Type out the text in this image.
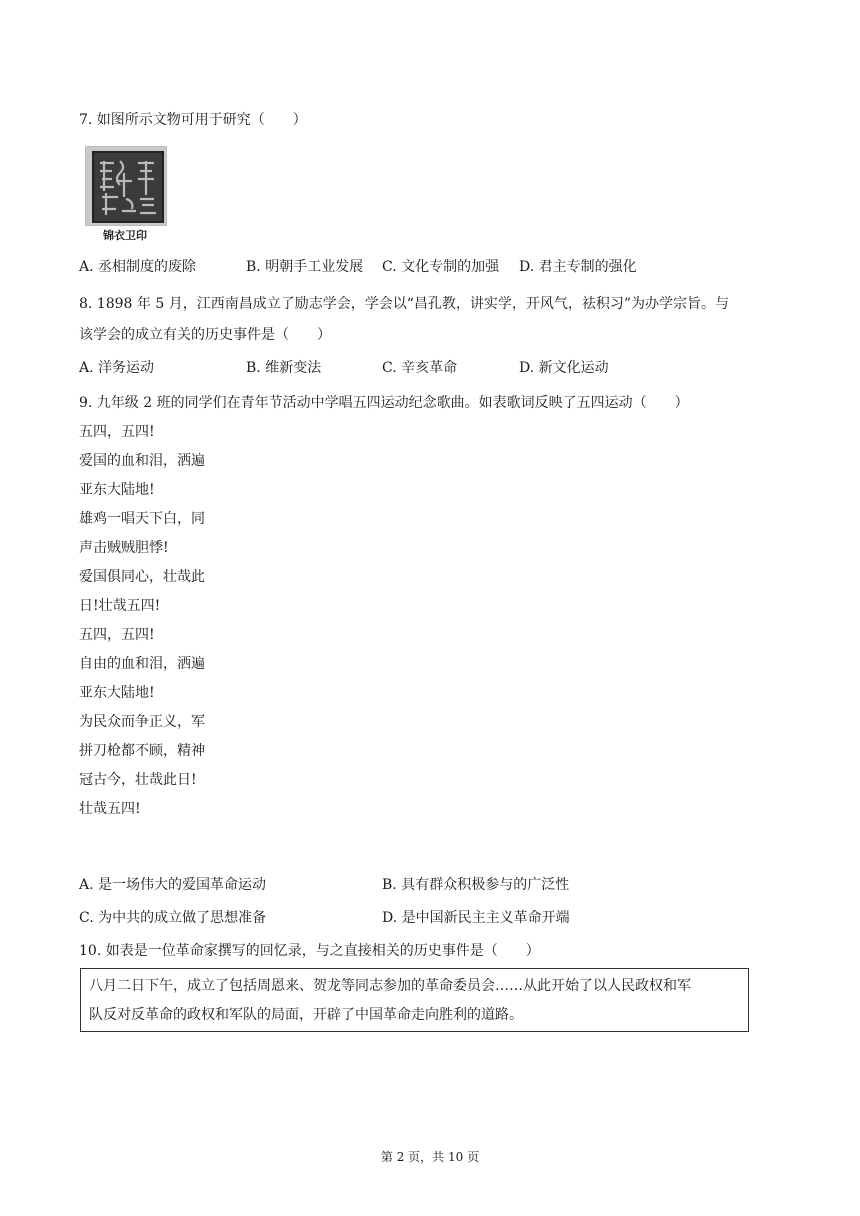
7. 如图所示文物可用于研究（　　）
锦衣卫印
A. 丞相制度的废除	B. 明朝手工业发展 C. 文化专制的加强 D. 君主专制的强化
8. 1898 年 5 月，江西南昌成立了励志学会，学会以“昌孔教，讲实学，开风气，祛积习”为办学宗旨。与
该学会的成立有关的历史事件是（　　）
A. 洋务运动	B. 维新变法	C. 辛亥革命	D. 新文化运动
9. 九年级 2 班的同学们在青年节活动中学唱五四运动纪念歌曲。如表歌词反映了五四运动（　　）
五四，五四!
爱国的血和泪，洒遍
亚东大陆地!
雄鸡一唱天下白，同
声击贼贼胆悸!
爱国俱同心，壮哉此
日!壮哉五四!
五四，五四!
自由的血和泪，洒遍
亚东大陆地!
为民众而争正义，军
拼刀枪都不顾，精神
冠古今，壮哉此日!
壮哉五四!
A. 是一场伟大的爱国革命运动	B. 具有群众积极参与的广泛性
C. 为中共的成立做了思想准备	D. 是中国新民主主义革命开端
10. 如表是一位革命家撰写的回忆录，与之直接相关的历史事件是（　　）
八月二日下午，成立了包括周恩来、贺龙等同志参加的革命委员会……从此开始了以人民政权和军
队反对反革命的政权和军队的局面，开辟了中国革命走向胜利的道路。
第 2 页，共 10 页
